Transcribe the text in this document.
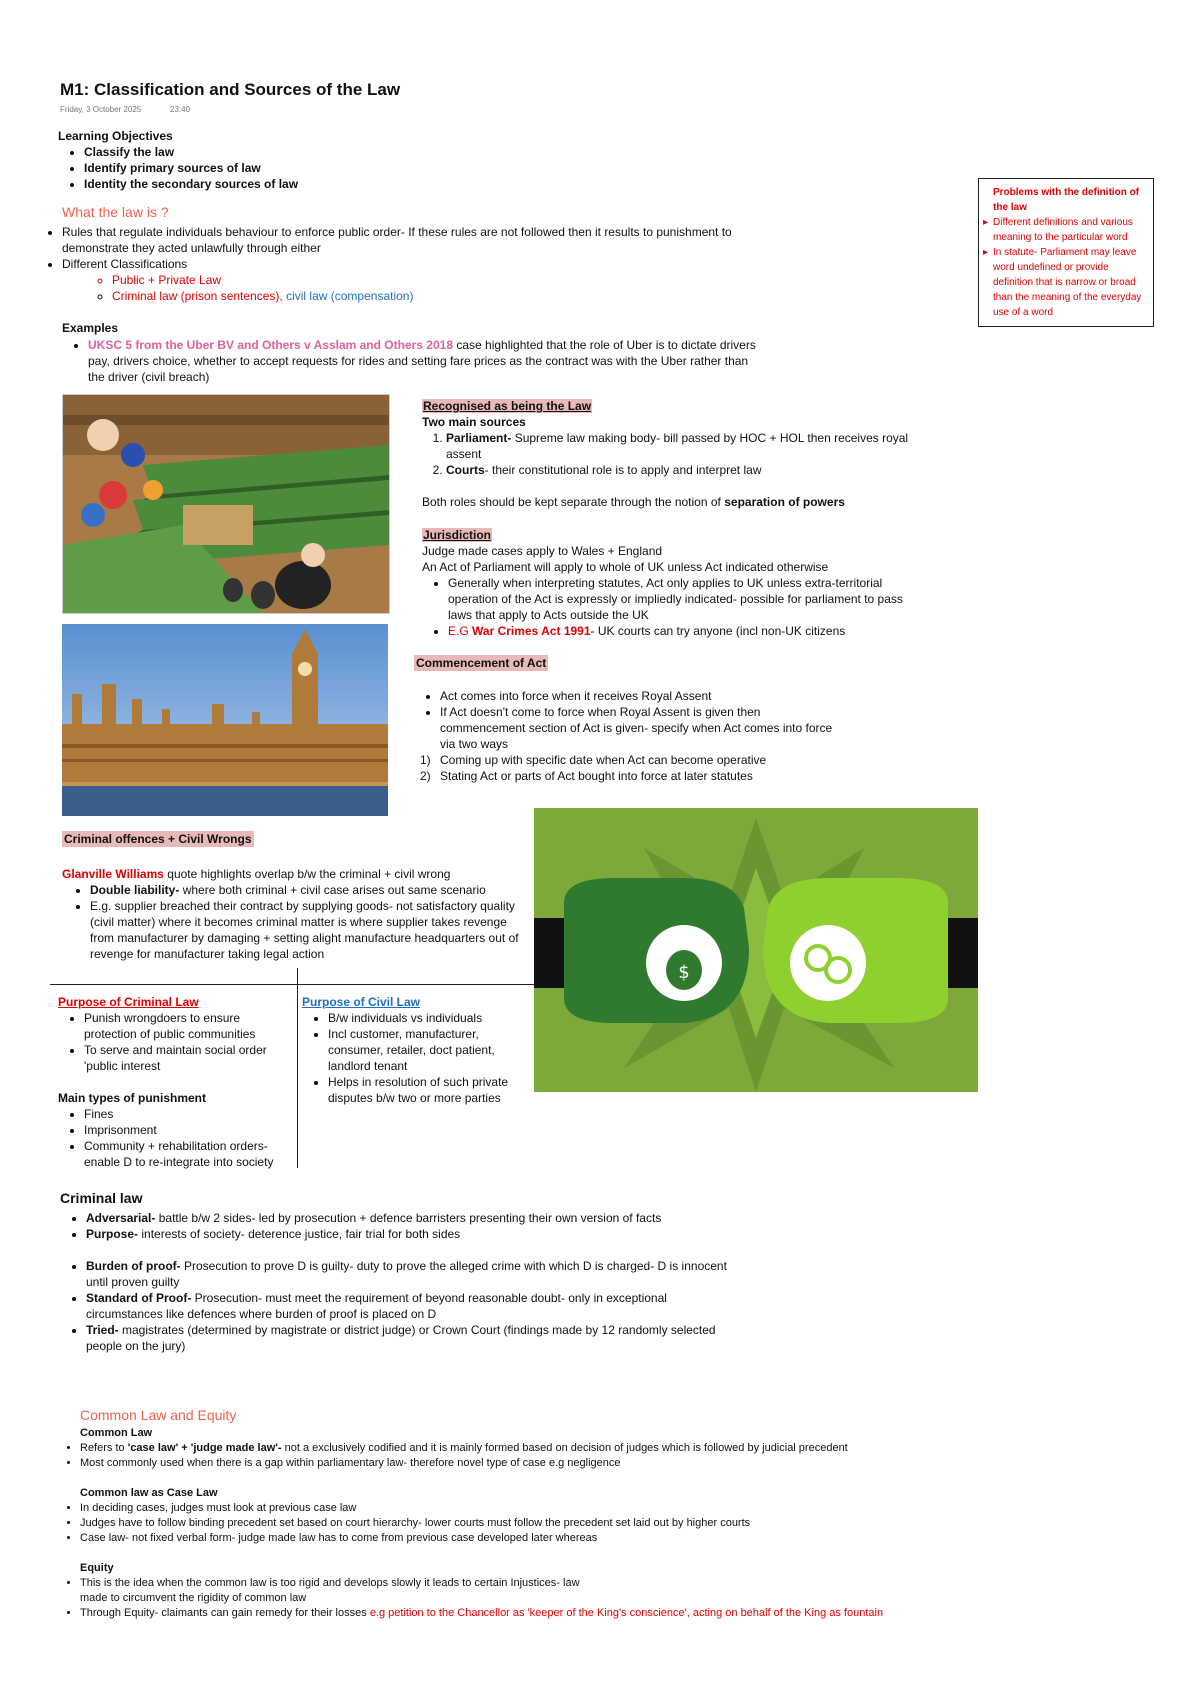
M1: Classification and Sources of the Law
Friday, 3 October 2025	23:40
Learning Objectives
• Classify the law
• Identify primary sources of law
• Identity the secondary sources of law
What the law is ?
• Rules that regulate individuals behaviour to enforce public order- If these rules are not followed then it results to punishment to demonstrate they acted unlawfully through either
• Different Classifications
◦ Public + Private Law
◦ Criminal law (prison sentences), civil law (compensation)
Examples
• UKSC 5 from the Uber BV and Others v Asslam and Others 2018 case highlighted that the role of Uber is to dictate drivers pay, drivers choice, whether to accept requests for rides and setting fare prices as the contract was with the Uber rather than the driver (civil breach)
Problems with the definition of the law
▸ Different definitions and various meaning to the particular word
▸ In statute- Parliament may leave word undefined or provide definition that is narrow or broad than the meaning of the everyday use of a word
Recognised as being the Law
Two main sources
1. Parliament- Supreme law making body- bill passed by HOC + HOL then receives royal assent
2. Courts- their constitutional role is to apply and interpret law
Both roles should be kept separate through the notion of separation of powers
Jurisdiction
Judge made cases apply to Wales + England
An Act of Parliament will apply to whole of UK unless Act indicated otherwise
• Generally when interpreting statutes, Act only applies to UK unless extra-territorial operation of the Act is expressly or impliedly indicated- possible for parliament to pass laws that apply to Acts outside the UK
• E.G War Crimes Act 1991- UK courts can try anyone (incl non-UK citizens
Commencement of Act
• Act comes into force when it receives Royal Assent
• If Act doesn't come to force when Royal Assent is given then commencement section of Act is given- specify when Act comes into force via two ways
1) Coming up with specific date when Act can become operative
2) Stating Act or parts of Act bought into force at later statutes
$
Criminal offences + Civil Wrongs
Glanville Williams quote highlights overlap b/w the criminal + civil wrong
• Double liability- where both criminal + civil case arises out same scenario
• E.g. supplier breached their contract by supplying goods- not satisfactory quality (civil matter) where it becomes criminal matter is where supplier takes revenge from manufacturer by damaging + setting alight manufacture headquarters out of revenge for manufacturer taking legal action
Purpose of Criminal Law
• Punish wrongdoers to ensure protection of public communities
• To serve and maintain social order 'public interest
Main types of punishment
• Fines
• Imprisonment
• Community + rehabilitation orders- enable D to re-integrate into society
Purpose of Civil Law
• B/w individuals vs individuals
• Incl customer, manufacturer, consumer, retailer, doct patient, landlord tenant
• Helps in resolution of such private disputes b/w two or more parties
Criminal law
• Adversarial- battle b/w 2 sides- led by prosecution + defence barristers presenting their own version of facts
• Purpose- interests of society- deterence justice, fair trial for both sides
• Burden of proof- Prosecution to prove D is guilty- duty to prove the alleged crime with which D is charged- D is innocent until proven guilty
• Standard of Proof- Prosecution- must meet the requirement of beyond reasonable doubt- only in exceptional circumstances like defences where burden of proof is placed on D
• Tried- magistrates (determined by magistrate or district judge) or Crown Court (findings made by 12 randomly selected people on the jury)
Common Law and Equity
Common Law
• Refers to 'case law' + 'judge made law'- not a exclusively codified and it is mainly formed based on decision of judges which is followed by judicial precedent
• Most commonly used when there is a gap within parliamentary law- therefore novel type of case e.g negligence
Common law as Case Law
• In deciding cases, judges must look at previous case law
• Judges have to follow binding precedent set based on court hierarchy- lower courts must follow the precedent set laid out by higher courts
• Case law- not fixed verbal form- judge made law has to come from previous case developed later whereas
Equity
• This is the idea when the common law is too rigid and develops slowly it leads to certain Injustices- law made to circumvent the rigidity of common law
• Through Equity- claimants can gain remedy for their losses e.g petition to the Chancellor as 'keeper of the King's conscience', acting on behalf of the King as fountain
